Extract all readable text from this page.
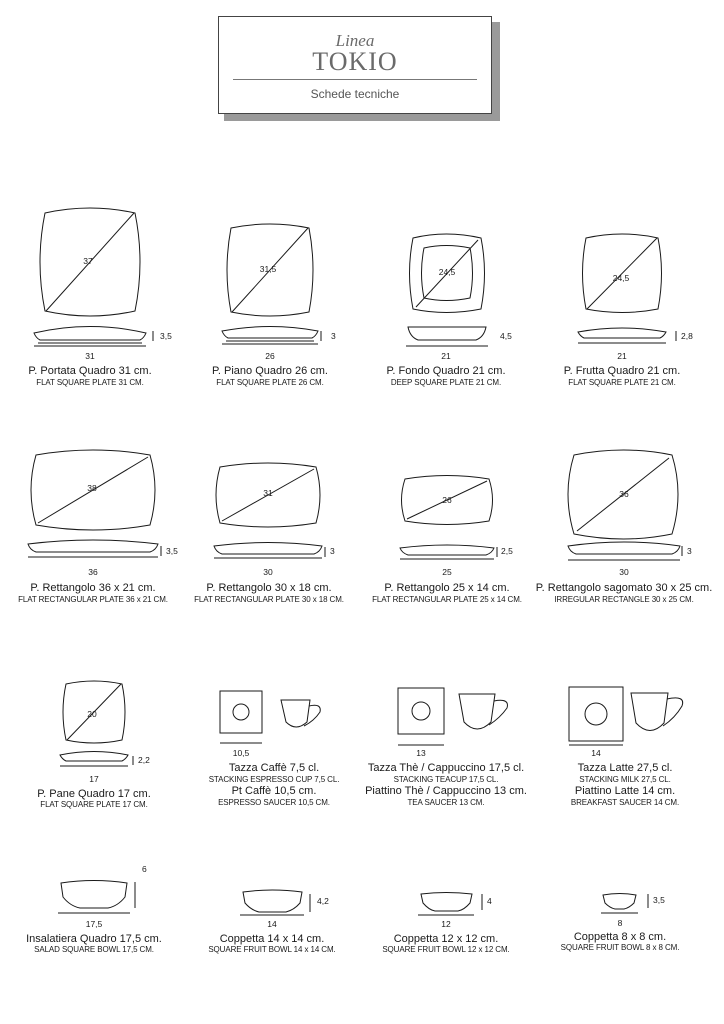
Linea
TOKIO
Schede tecniche
37
31,5	24,5
24,5
38	31
26
36
20
3,5	3	4,5	2,8
3,5	3	2,5	3
2,2
6
4,2	4	3,5
31	26	21	21
36	30	25	30
17
10,5	13	14
17,5	14	12	8
P. Portata Quadro 31 cm.
FLAT SQUARE PLATE 31 CM.
P. Piano Quadro 26 cm.
FLAT SQUARE PLATE 26 CM.
P. Fondo Quadro 21 cm.
DEEP SQUARE PLATE 21 CM.
P. Frutta Quadro 21 cm.
FLAT SQUARE PLATE 21 CM.
P. Rettangolo 36 x 21 cm.
FLAT RECTANGULAR PLATE 36 x 21 CM.
P. Rettangolo 30 x 18 cm.
FLAT RECTANGULAR PLATE 30 x 18 CM.
P. Rettangolo 25 x 14 cm.
FLAT RECTANGULAR PLATE 25 x 14 CM.
P. Rettangolo sagomato 30 x 25 cm.
IRREGULAR RECTANGLE 30 x 25 CM.
P. Pane Quadro 17 cm.
FLAT SQUARE PLATE 17 CM.
Tazza Caffè 7,5 cl.
STACKING ESPRESSO CUP 7,5 CL.
Pt Caffè 10,5 cm.
ESPRESSO SAUCER 10,5 CM.
Tazza Thè / Cappuccino 17,5 cl.
STACKING TEACUP 17,5 CL.
Piattino Thè / Cappuccino 13 cm.
TEA SAUCER 13 CM.
Tazza Latte 27,5 cl.
STACKING MILK 27,5 CL.
Piattino Latte 14 cm.
BREAKFAST SAUCER 14 CM.
Insalatiera Quadro 17,5 cm.
SALAD SQUARE BOWL 17,5 CM.
Coppetta 14 x 14 cm.
SQUARE FRUIT BOWL 14 x 14 CM.
Coppetta 12 x 12 cm.
SQUARE FRUIT BOWL 12 x 12 CM.
Coppetta 8 x 8 cm.
SQUARE FRUIT BOWL 8 x 8 CM.
